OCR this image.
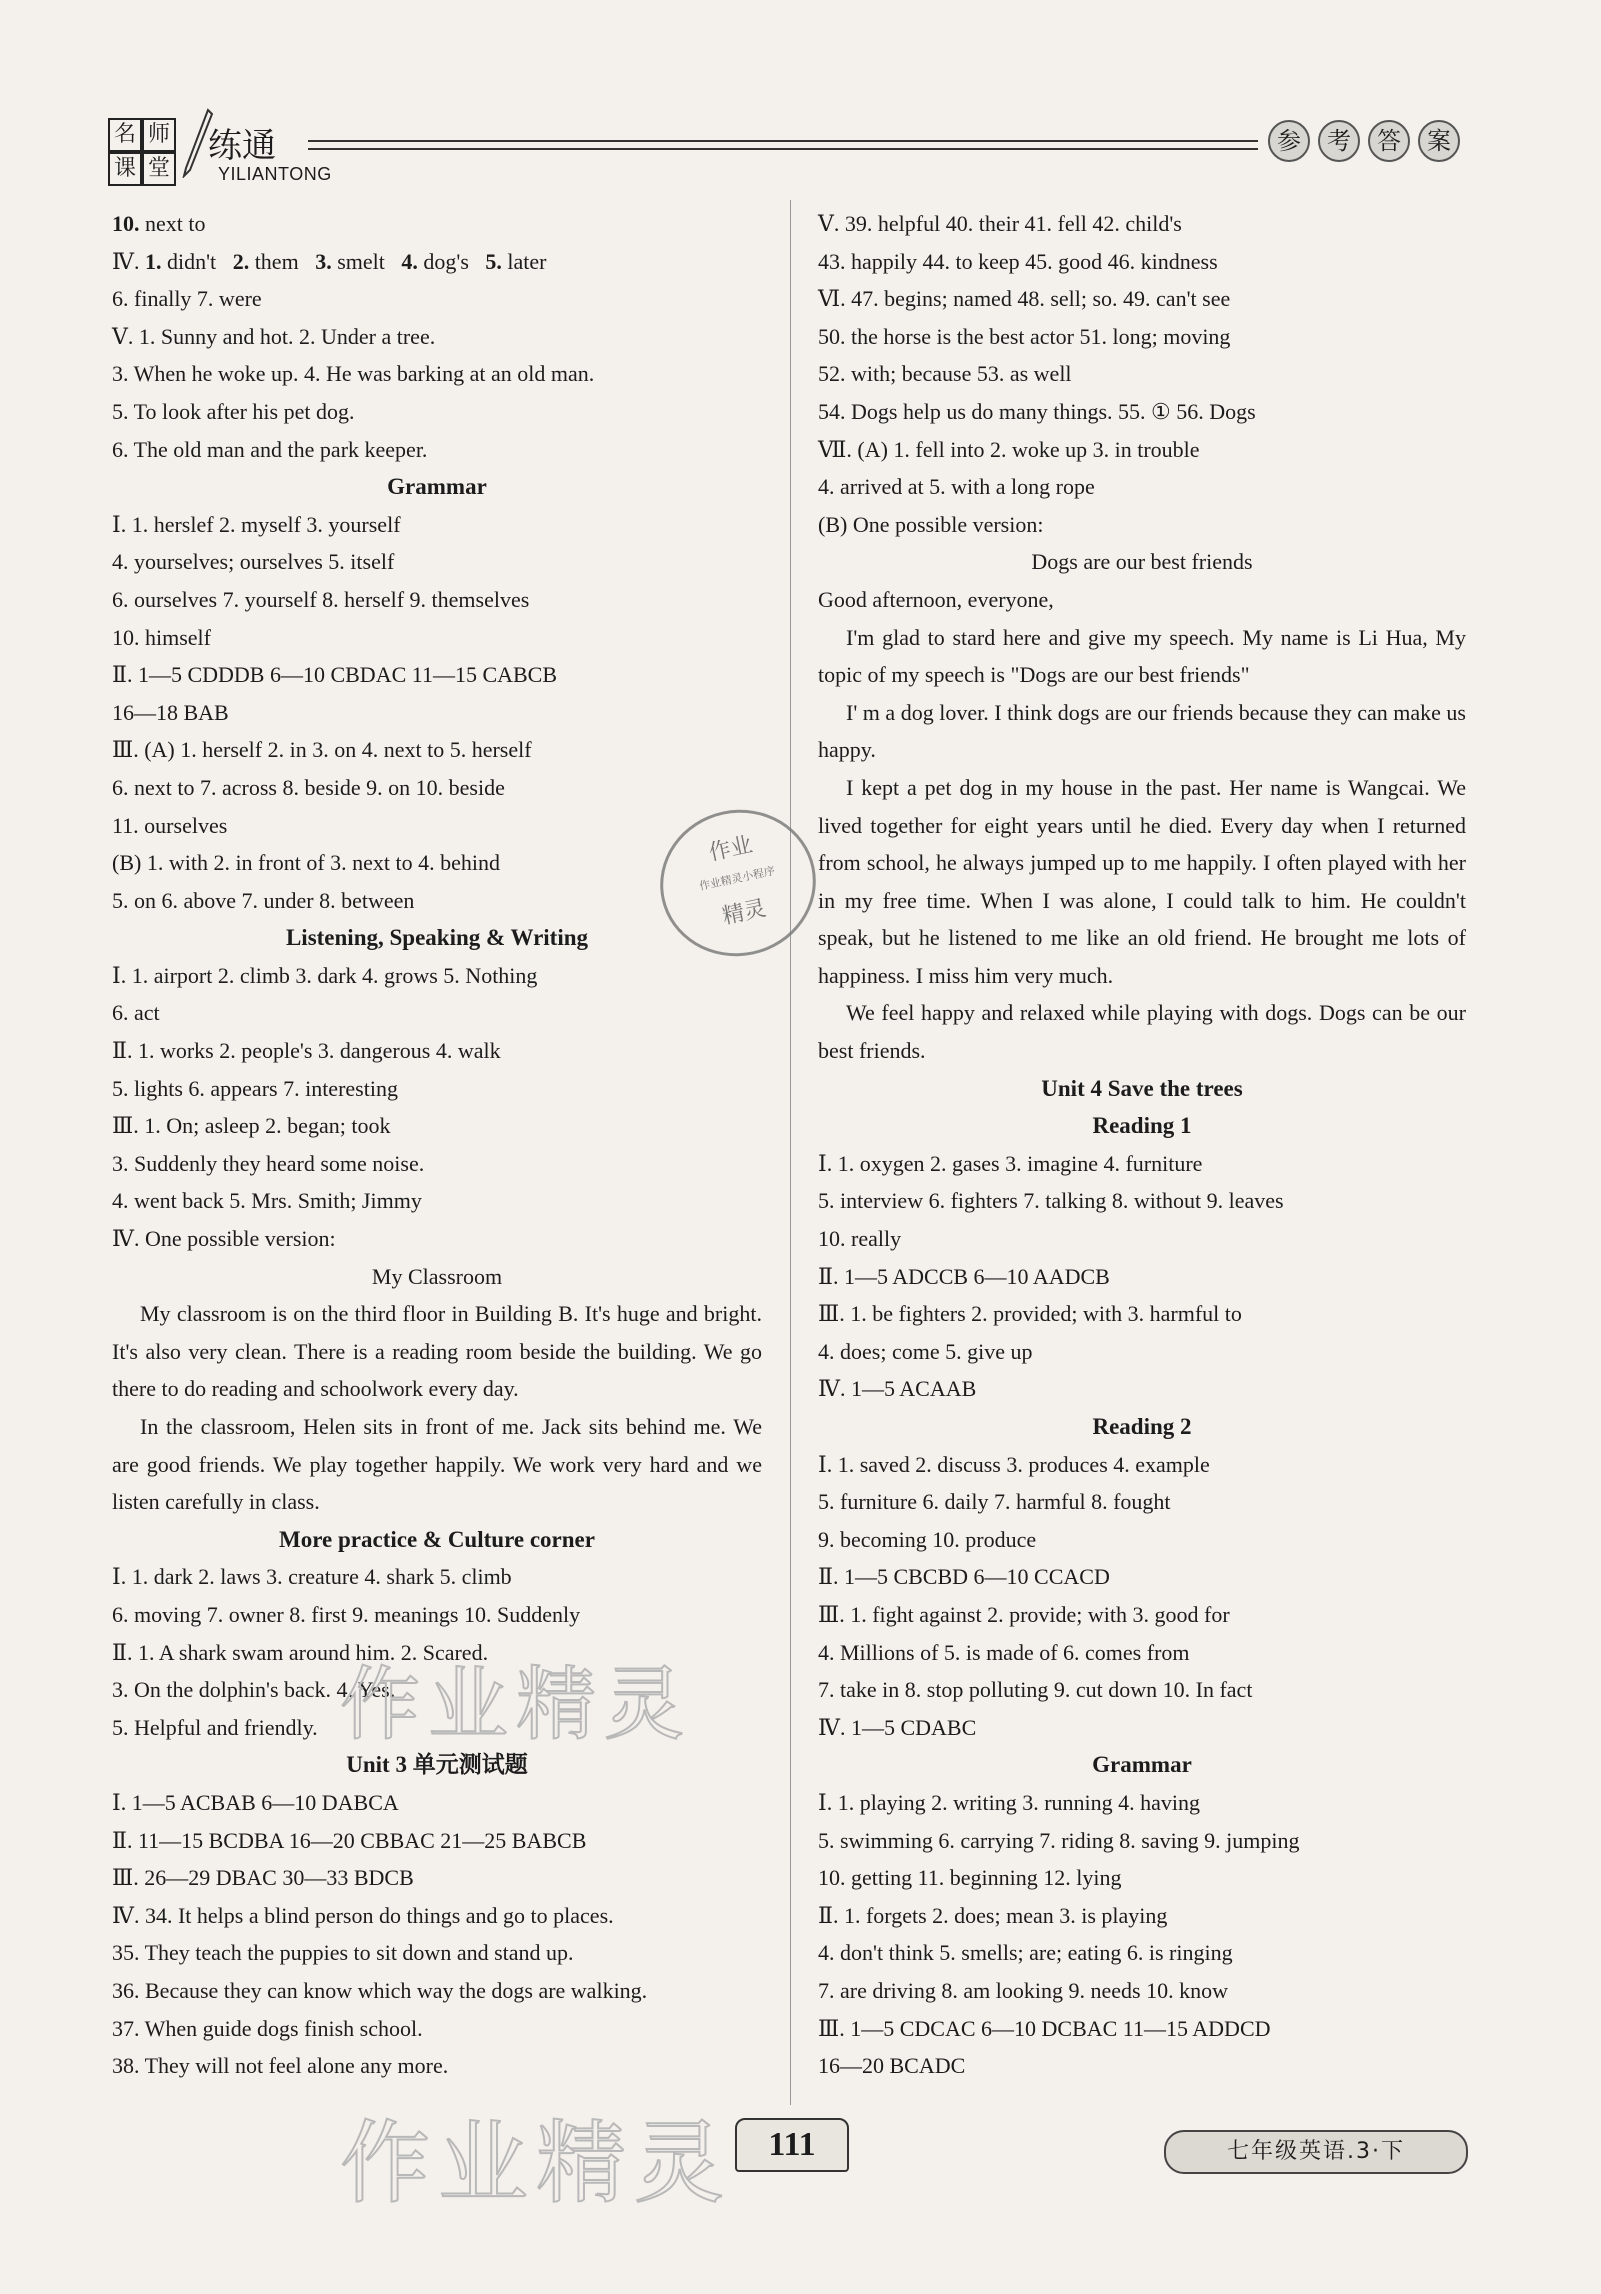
名 师
课 堂
练通
YILIANTONG
参	考	答	案
10. next to
Ⅳ. 1. didn't 2. them 3. smelt 4. dog's 5. later
6. finally 7. were
Ⅴ. 1. Sunny and hot. 2. Under a tree.
3. When he woke up. 4. He was barking at an old man.
5. To look after his pet dog.
6. The old man and the park keeper.
Grammar
Ⅰ. 1. herslef 2. myself 3. yourself
4. yourselves; ourselves 5. itself
6. ourselves 7. yourself 8. herself 9. themselves
10. himself
Ⅱ. 1—5 CDDDB 6—10 CBDAC 11—15 CABCB
16—18 BAB
Ⅲ. (A) 1. herself 2. in 3. on 4. next to 5. herself
6. next to 7. across 8. beside 9. on 10. beside
11. ourselves
(B) 1. with 2. in front of 3. next to 4. behind
5. on 6. above 7. under 8. between
Listening, Speaking & Writing
Ⅰ. 1. airport 2. climb 3. dark 4. grows 5. Nothing
6. act
Ⅱ. 1. works 2. people's 3. dangerous 4. walk
5. lights 6. appears 7. interesting
Ⅲ. 1. On; asleep 2. began; took
3. Suddenly they heard some noise.
4. went back 5. Mrs. Smith; Jimmy
Ⅳ. One possible version:
My Classroom
My classroom is on the third floor in Building B. It's huge and bright. It's also very clean. There is a reading room beside the building. We go there to do reading and schoolwork every day.
In the classroom, Helen sits in front of me. Jack sits behind me. We are good friends. We play together happily. We work very hard and we listen carefully in class.
More practice & Culture corner
Ⅰ. 1. dark 2. laws 3. creature 4. shark 5. climb
6. moving 7. owner 8. first 9. meanings 10. Suddenly
Ⅱ. 1. A shark swam around him. 2. Scared.
3. On the dolphin's back. 4. Yes.
5. Helpful and friendly.
Unit 3 单元测试题
Ⅰ. 1—5 ACBAB 6—10 DABCA
Ⅱ. 11—15 BCDBA 16—20 CBBAC 21—25 BABCB
Ⅲ. 26—29 DBAC 30—33 BDCB
Ⅳ. 34. It helps a blind person do things and go to places.
35. They teach the puppies to sit down and stand up.
36. Because they can know which way the dogs are walking.
37. When guide dogs finish school.
38. They will not feel alone any more.
Ⅴ. 39. helpful 40. their 41. fell 42. child's
43. happily 44. to keep 45. good 46. kindness
Ⅵ. 47. begins; named 48. sell; so. 49. can't see
50. the horse is the best actor 51. long; moving
52. with; because 53. as well
54. Dogs help us do many things. 55. ① 56. Dogs
Ⅶ. (A) 1. fell into 2. woke up 3. in trouble
4. arrived at 5. with a long rope
(B) One possible version:
Dogs are our best friends
Good afternoon, everyone,
I'm glad to stard here and give my speech. My name is Li Hua, My topic of my speech is "Dogs are our best friends"
I' m a dog lover. I think dogs are our friends because they can make us happy.
I kept a pet dog in my house in the past. Her name is Wangcai. We lived together for eight years until he died. Every day when I returned from school, he always jumped up to me happily. I often played with her in my free time. When I was alone, I could talk to him. He couldn't speak, but he listened to me like an old friend. He brought me lots of happiness. I miss him very much.
We feel happy and relaxed while playing with dogs. Dogs can be our best friends.
Unit 4 Save the trees
Reading 1
Ⅰ. 1. oxygen 2. gases 3. imagine 4. furniture
5. interview 6. fighters 7. talking 8. without 9. leaves
10. really
Ⅱ. 1—5 ADCCB 6—10 AADCB
Ⅲ. 1. be fighters 2. provided; with 3. harmful to
4. does; come 5. give up
Ⅳ. 1—5 ACAAB
Reading 2
Ⅰ. 1. saved 2. discuss 3. produces 4. example
5. furniture 6. daily 7. harmful 8. fought
9. becoming 10. produce
Ⅱ. 1—5 CBCBD 6—10 CCACD
Ⅲ. 1. fight against 2. provide; with 3. good for
4. Millions of 5. is made of 6. comes from
7. take in 8. stop polluting 9. cut down 10. In fact
Ⅳ. 1—5 CDABC
Grammar
Ⅰ. 1. playing 2. writing 3. running 4. having
5. swimming 6. carrying 7. riding 8. saving 9. jumping
10. getting 11. beginning 12. lying
Ⅱ. 1. forgets 2. does; mean 3. is playing
4. don't think 5. smells; are; eating 6. is ringing
7. are driving 8. am looking 9. needs 10. know
Ⅲ. 1—5 CDCAC 6—10 DCBAC 11—15 ADDCD
16—20 BCADC
作业
作业精灵小程序
精灵
作业精灵
作业精灵	111	七年级英语.3·下
